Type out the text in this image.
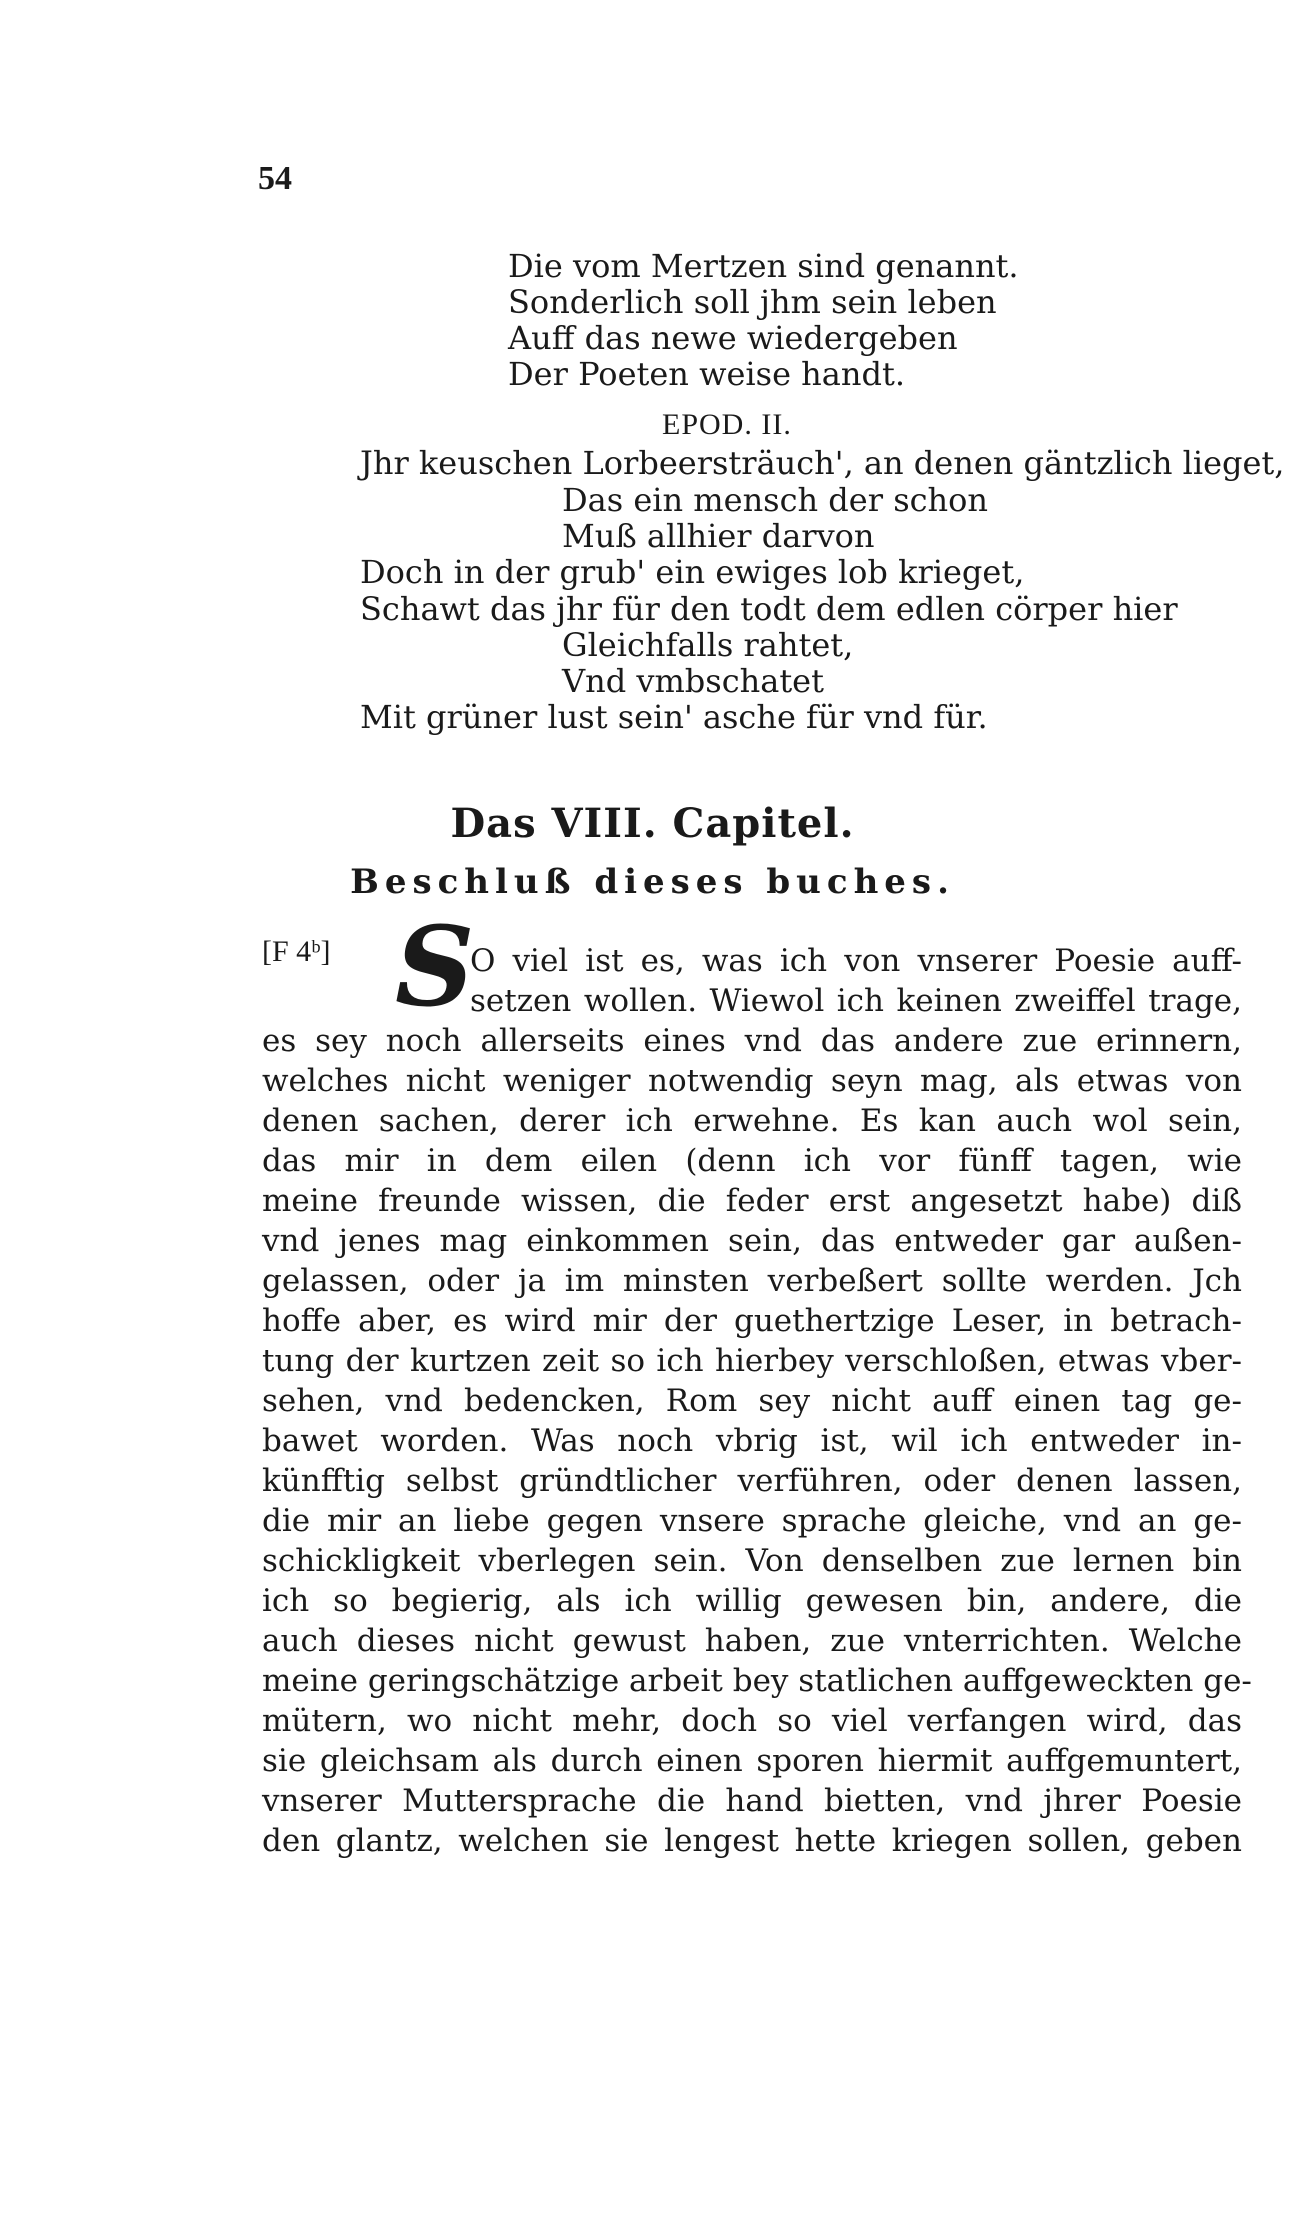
54
Die vom Mertzen sind genannt.
Sonderlich soll jhm sein leben
Auff das newe wiedergeben
Der Poeten weise handt.
EPOD. II.
Jhr keuschen Lorbeersträuch', an denen gäntzlich lieget,
Das ein mensch der schon
Muß allhier darvon
Doch in der grub' ein ewiges lob krieget,
Schawt das jhr für den todt dem edlen cörper hier
Gleichfalls rahtet,
Vnd vmbschatet
Mit grüner lust sein' asche für vnd für.
Das VIII. Capitel.
Beschluß dieses buches.
[F 4ᵇ] S
O viel ist es, was ich von vnserer Poesie auff-
setzen wollen. Wiewol ich keinen zweiffel trage,
es sey noch allerseits eines vnd das andere zue erinnern,
welches nicht weniger notwendig seyn mag, als etwas von
denen sachen, derer ich erwehne. Es kan auch wol sein,
das mir in dem eilen (denn ich vor fünff tagen, wie
meine freunde wissen, die feder erst angesetzt habe) diß
vnd jenes mag einkommen sein, das entweder gar außen-
gelassen, oder ja im minsten verbeßert sollte werden. Jch
hoffe aber, es wird mir der guethertzige Leser, in betrach-
tung der kurtzen zeit so ich hierbey verschloßen, etwas vber-
sehen, vnd bedencken, Rom sey nicht auff einen tag ge-
bawet worden. Was noch vbrig ist, wil ich entweder in-
künfftig selbst gründtlicher verführen, oder denen lassen,
die mir an liebe gegen vnsere sprache gleiche, vnd an ge-
schickligkeit vberlegen sein. Von denselben zue lernen bin
ich so begierig, als ich willig gewesen bin, andere, die
auch dieses nicht gewust haben, zue vnterrichten. Welche
meine geringschätzige arbeit bey statlichen auffgeweckten ge-
mütern, wo nicht mehr, doch so viel verfangen wird, das
sie gleichsam als durch einen sporen hiermit auffgemuntert,
vnserer Muttersprache die hand bietten, vnd jhrer Poesie
den glantz, welchen sie lengest hette kriegen sollen, geben
